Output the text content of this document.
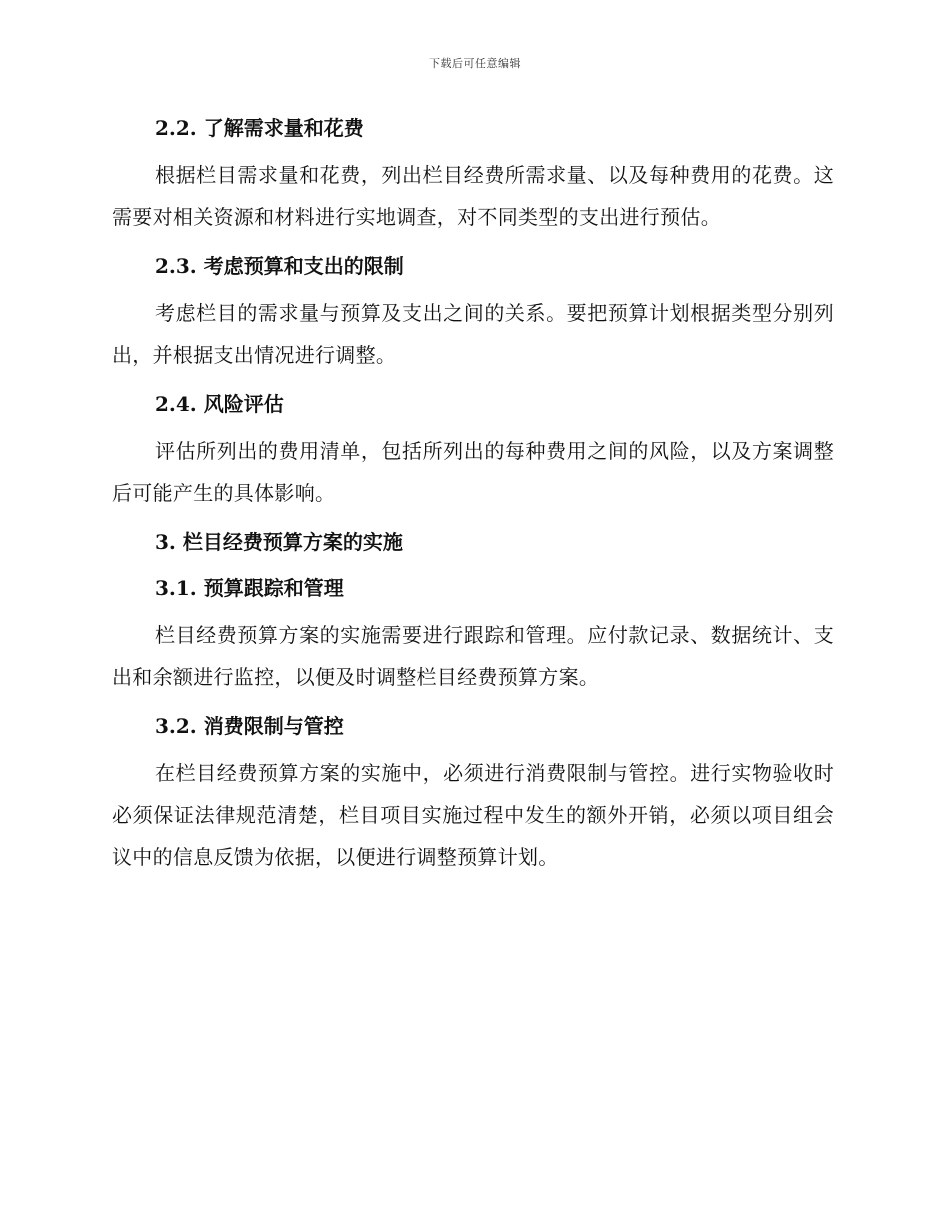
下载后可任意编辑
2.2. 了解需求量和花费

根据栏目需求量和花费，列出栏目经费所需求量、以及每种费用的花费。这需要对相关资源和材料进行实地调查，对不同类型的支出进行预估。

2.3. 考虑预算和支出的限制

考虑栏目的需求量与预算及支出之间的关系。要把预算计划根据类型分别列出，并根据支出情况进行调整。

2.4. 风险评估

评估所列出的费用清单，包括所列出的每种费用之间的风险，以及方案调整后可能产生的具体影响。

3. 栏目经费预算方案的实施
3.1. 预算跟踪和管理

栏目经费预算方案的实施需要进行跟踪和管理。应付款记录、数据统计、支出和余额进行监控，以便及时调整栏目经费预算方案。

3.2. 消费限制与管控

在栏目经费预算方案的实施中，必须进行消费限制与管控。进行实物验收时必须保证法律规范清楚，栏目项目实施过程中发生的额外开销，必须以项目组会议中的信息反馈为依据，以便进行调整预算计划。
